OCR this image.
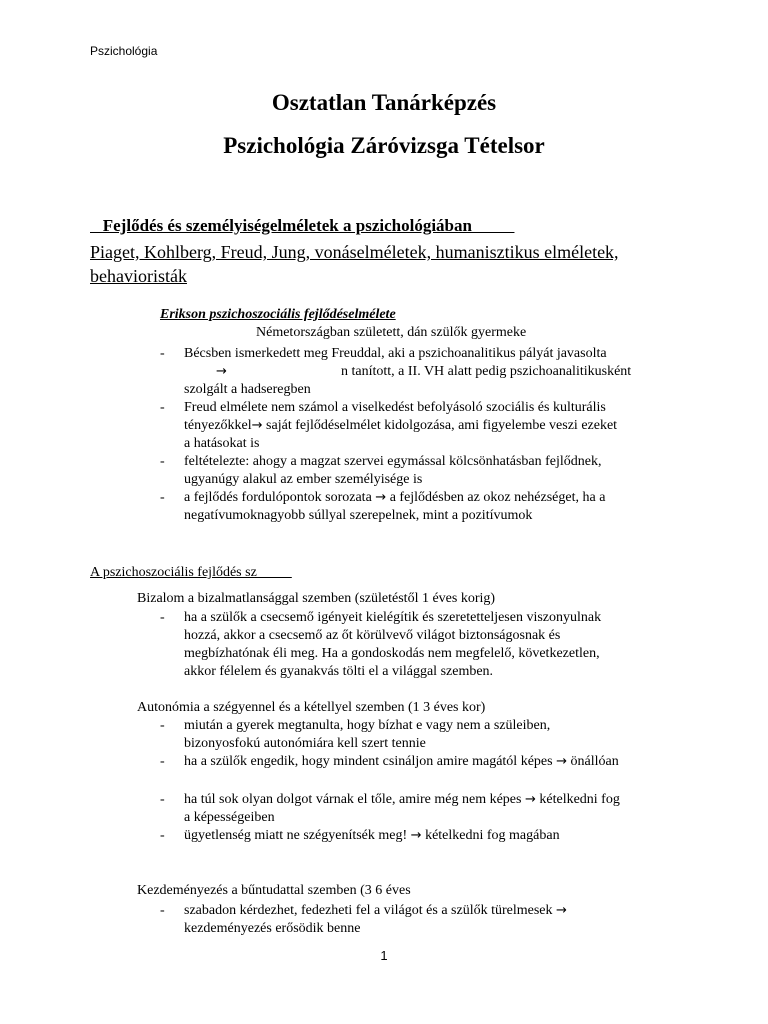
Pszichológia
Osztatlan Tanárképzés
Pszichológia Záróvizsga Tételsor
Fejlődés és személyiségelméletek a pszichológiában
Piaget, Kohlberg, Freud, Jung, vonáselméletek, humanisztikus elméletek, behavioristák
Erikson pszichoszociális fejlődéselmélete
Németországban született, dán szülők gyermeke
- Bécsben ismerkedett meg Freuddal, aki a pszichoanalitikus pályát javasolta
→	n tanított, a II. VH alatt pedig pszichoanalitikusként
szolgált a hadseregben
- Freud elmélete nem számol a viselkedést befolyásoló szociális és kulturális
tényezőkkel→ saját fejlődéselmélet kidolgozása, ami figyelembe veszi ezeket
a hatásokat is
- feltételezte: ahogy a magzat szervei egymással kölcsönhatásban fejlődnek,
ugyanúgy alakul az ember személyisége is
- a fejlődés fordulópontok sorozata → a fejlődésben az okoz nehézséget, ha a
negatívumoknagyobb súllyal szerepelnek, mint a pozitívumok
A pszichoszociális fejlődés sz
Bizalom a bizalmatlansággal szemben (születéstől 1 éves korig)
- ha a szülők a csecsemő igényeit kielégítik és szeretetteljesen viszonyulnak
hozzá, akkor a csecsemő az őt körülvevő világot biztonságosnak és
megbízhatónak éli meg. Ha a gondoskodás nem megfelelő, következetlen,
akkor félelem és gyanakvás tölti el a világgal szemben.
Autonómia a szégyennel és a kétellyel szemben (1 3 éves kor)
- miután a gyerek megtanulta, hogy bízhat e vagy nem a szüleiben,
bizonyosfokú autonómiára kell szert tennie
- ha a szülők engedik, hogy mindent csináljon amire magától képes → önállóan
- ha túl sok olyan dolgot várnak el tőle, amire még nem képes → kételkedni fog
a képességeiben
- ügyetlenség miatt ne szégyenítsék meg! → kételkedni fog magában
Kezdeményezés a bűntudattal szemben (3 6 éves
- szabadon kérdezhet, fedezheti fel a világot és a szülők türelmesek →
kezdeményezés erősödik benne
1
